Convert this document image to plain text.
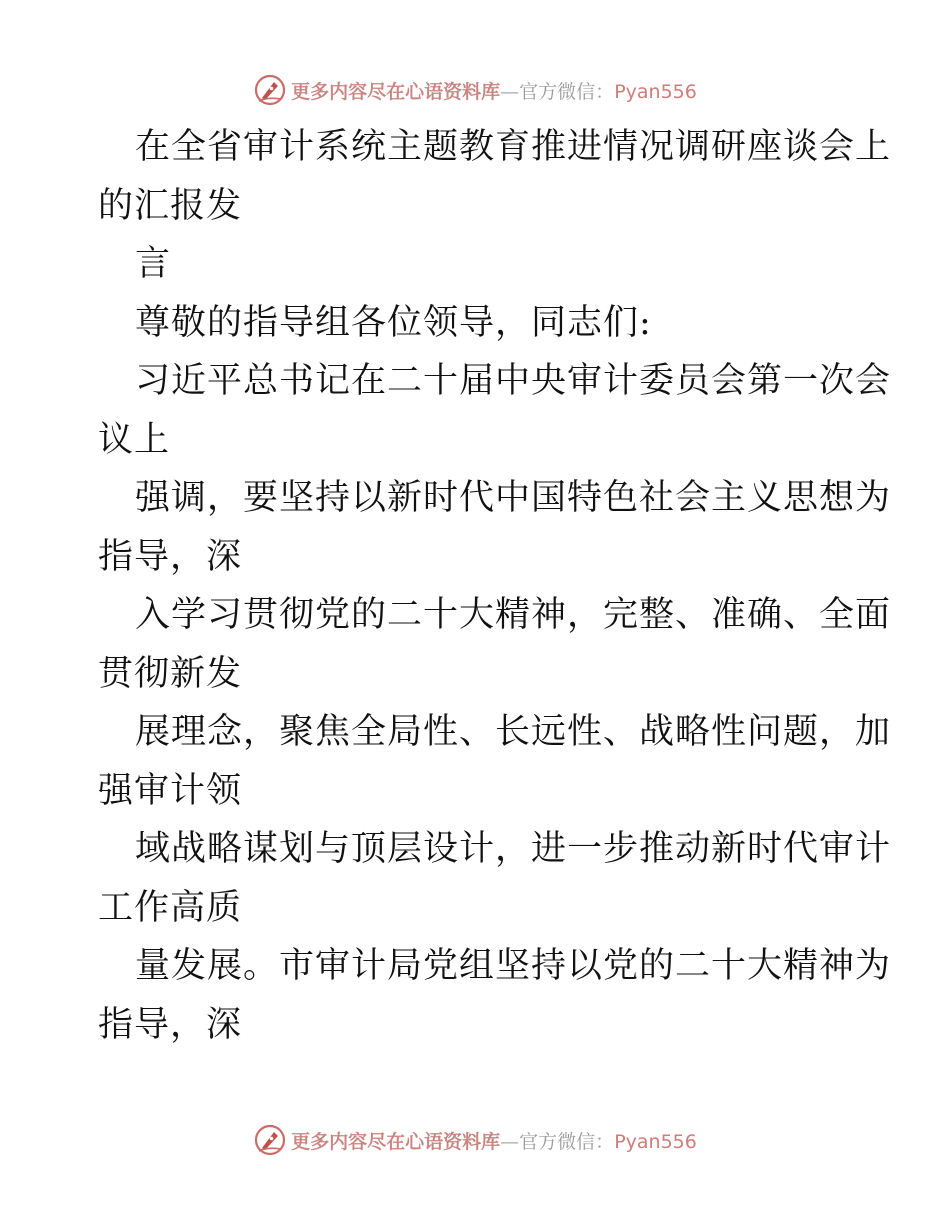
更多内容尽在心语资料库—官方微信：Pyan556
在全省审计系统主题教育推进情况调研座谈会上
的汇报发
言
尊敬的指导组各位领导，同志们:
习近平总书记在二十届中央审计委员会第一次会
议上
强调，要坚持以新时代中国特色社会主义思想为
指导，深
入学习贯彻党的二十大精神，完整、准确、全面
贯彻新发
展理念，聚焦全局性、长远性、战略性问题，加
强审计领
域战略谋划与顶层设计，进一步推动新时代审计
工作高质
量发展。市审计局党组坚持以党的二十大精神为
指导，深
更多内容尽在心语资料库—官方微信：Pyan556
